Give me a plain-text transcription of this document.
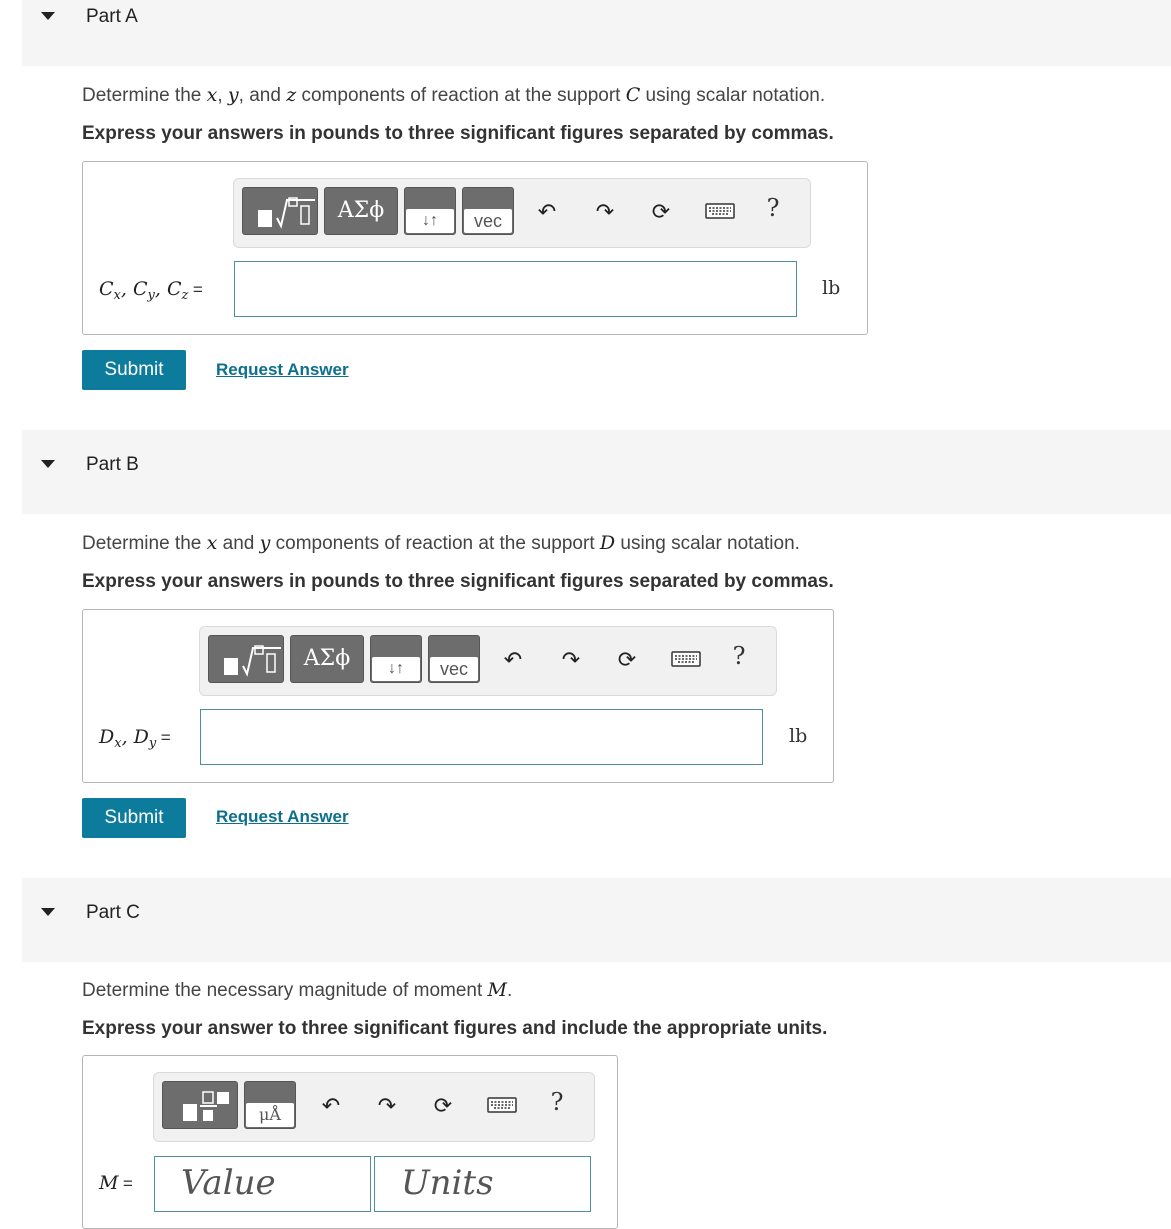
Part A
Determine the x, y, and z components of reaction at the support C using scalar notation.
Express your answers in pounds to three significant figures separated by commas.
ΑΣϕ	↓↑	vec	↶ ↷ ⟳	?
$C_x$, $C_y$, $C_z$ =	lb
Submit	Request Answer
Part B
Determine the x and y components of reaction at the support D using scalar notation.
Express your answers in pounds to three significant figures separated by commas.
ΑΣϕ	↓↑	vec	↶ ↷ ⟳	?
$D_x$, $D_y$ =	lb
Submit	Request Answer
Part C
Determine the necessary magnitude of moment M.
Express your answer to three significant figures and include the appropriate units.
μÅ	↶ ↷ ⟳	?
M = Value	Units
